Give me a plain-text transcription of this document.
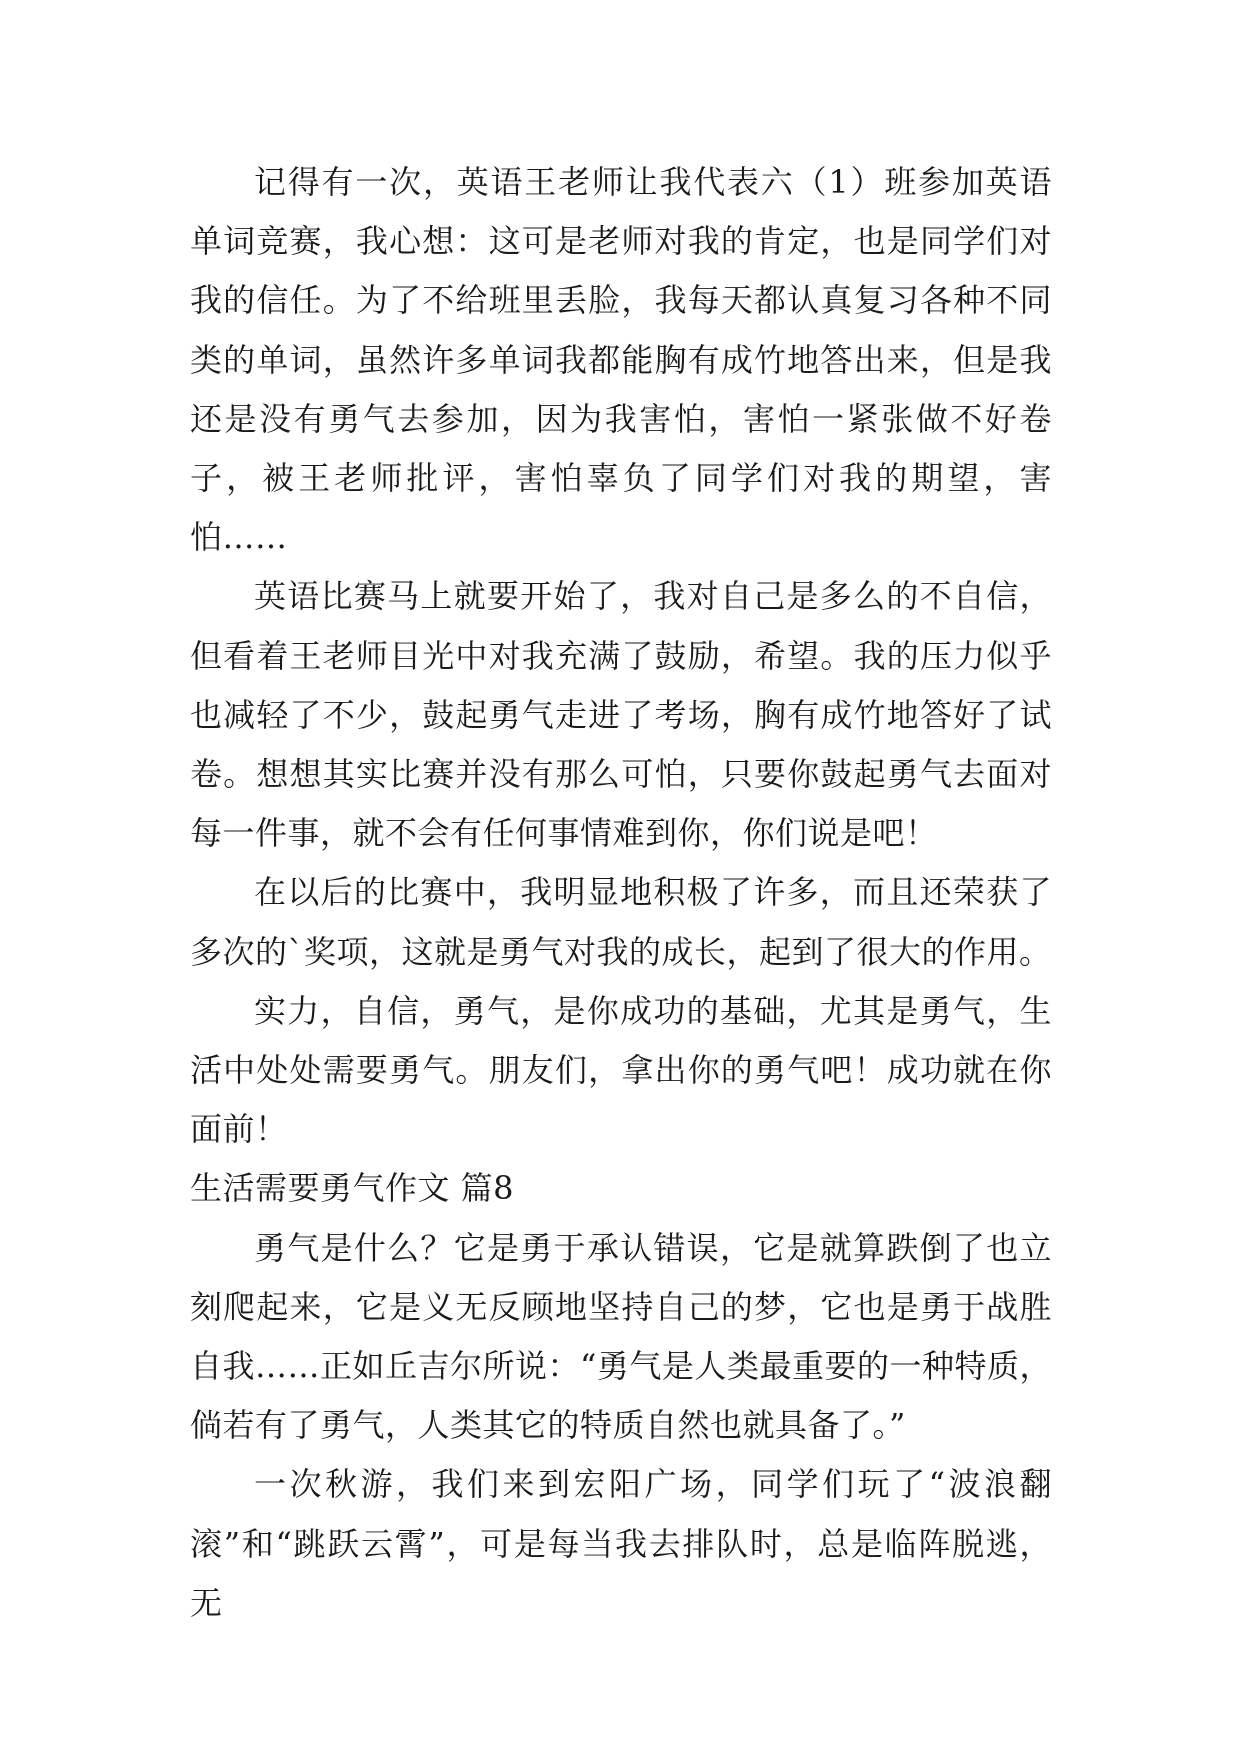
记得有一次，英语王老师让我代表六（1）班参加英语单词竞赛，我心想：这可是老师对我的肯定，也是同学们对我的信任。为了不给班里丢脸，我每天都认真复习各种不同类的单词，虽然许多单词我都能胸有成竹地答出来，但是我还是没有勇气去参加，因为我害怕，害怕一紧张做不好卷子，被王老师批评，害怕辜负了同学们对我的期望，害怕……

英语比赛马上就要开始了，我对自己是多么的不自信，但看着王老师目光中对我充满了鼓励，希望。我的压力似乎也减轻了不少，鼓起勇气走进了考场，胸有成竹地答好了试卷。想想其实比赛并没有那么可怕，只要你鼓起勇气去面对每一件事，就不会有任何事情难到你，你们说是吧！

在以后的比赛中，我明显地积极了许多，而且还荣获了多次的`奖项，这就是勇气对我的成长，起到了很大的作用。

实力，自信，勇气，是你成功的基础，尤其是勇气，生活中处处需要勇气。朋友们，拿出你的勇气吧！成功就在你面前！

生活需要勇气作文 篇8

勇气是什么？它是勇于承认错误，它是就算跌倒了也立刻爬起来，它是义无反顾地坚持自己的梦，它也是勇于战胜自我……正如丘吉尔所说：“勇气是人类最重要的一种特质，倘若有了勇气，人类其它的特质自然也就具备了。”

一次秋游，我们来到宏阳广场，同学们玩了“波浪翻滚”和“跳跃云霄”，可是每当我去排队时，总是临阵脱逃，无
